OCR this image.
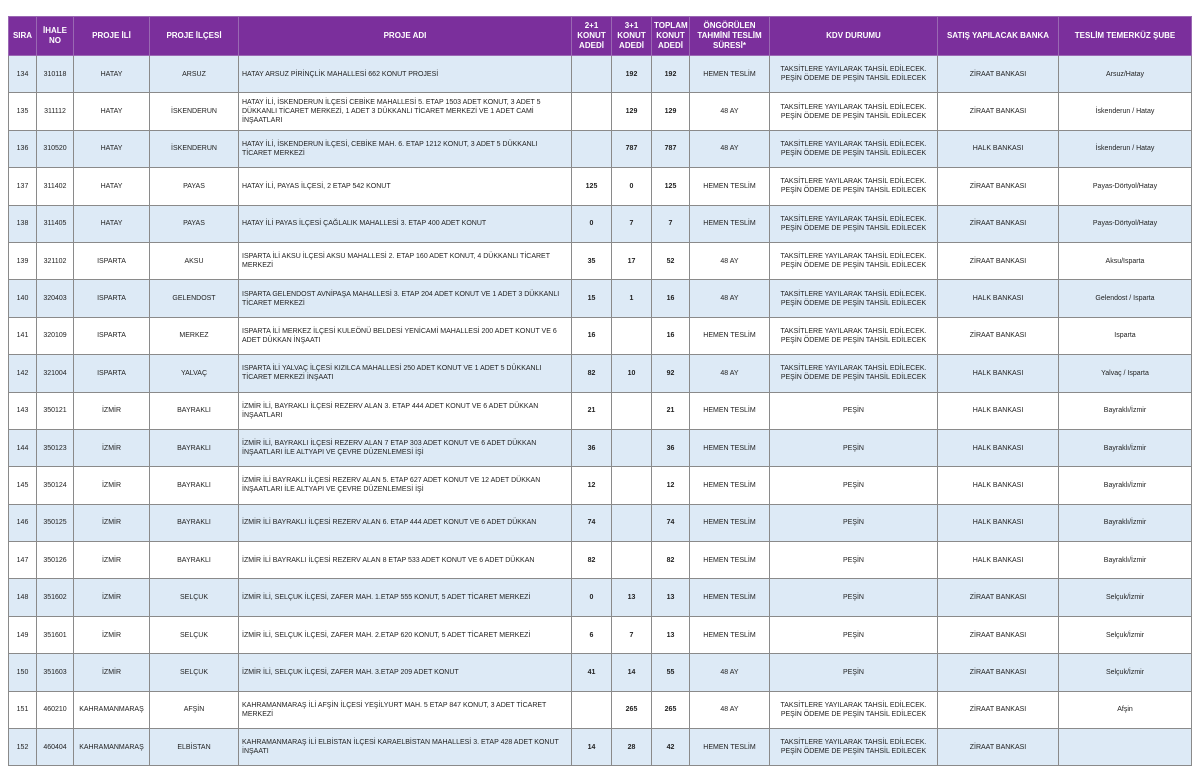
SIRA	İHALE NO	PROJE İLİ	PROJE İLÇESİ	PROJE ADI	2+1 KONUT ADEDİ	3+1 KONUT ADEDİ	TOPLAM KONUT ADEDİ	ÖNGÖRÜLEN TAHMİNİ TESLİM SÜRESİ*	KDV DURUMU	SATIŞ YAPILACAK BANKA	TESLİM TEMERKÜZ ŞUBE
134	310118	HATAY	ARSUZ	HATAY ARSUZ PİRİNÇLİK MAHALLESİ 662 KONUT PROJESİ		192	192	HEMEN TESLİM	TAKSİTLERE YAYILARAK TAHSİL EDİLECEK. PEŞİN ÖDEME DE PEŞİN TAHSİL EDİLECEK	ZİRAAT BANKASI	Arsuz/Hatay
135	311112	HATAY	İSKENDERUN	HATAY İLİ, İSKENDERUN İLÇESİ CEBİKE MAHALLESİ 5. ETAP 1503 ADET KONUT, 3 ADET 5 DÜKKANLI TİCARET MERKEZİ, 1 ADET 3 DÜKKANLI TİCARET MERKEZİ VE 1 ADET CAMİ İNŞAATLARI		129	129	48 AY	TAKSİTLERE YAYILARAK TAHSİL EDİLECEK. PEŞİN ÖDEME DE PEŞİN TAHSİL EDİLECEK	ZİRAAT BANKASI	İskenderun / Hatay
136	310520	HATAY	İSKENDERUN	HATAY İLİ, İSKENDERUN İLÇESİ, CEBİKE MAH. 6. ETAP 1212 KONUT, 3 ADET 5 DÜKKANLI TİCARET MERKEZİ		787	787	48 AY	TAKSİTLERE YAYILARAK TAHSİL EDİLECEK. PEŞİN ÖDEME DE PEŞİN TAHSİL EDİLECEK	HALK BANKASI	İskenderun / Hatay
137	311402	HATAY	PAYAS	HATAY İLİ, PAYAS İLÇESİ, 2 ETAP 542 KONUT	125	0	125	HEMEN TESLİM	TAKSİTLERE YAYILARAK TAHSİL EDİLECEK. PEŞİN ÖDEME DE PEŞİN TAHSİL EDİLECEK	ZİRAAT BANKASI	Payas-Dörtyol/Hatay
138	311405	HATAY	PAYAS	HATAY İLİ PAYAS İLÇESİ ÇAĞLALIK MAHALLESİ 3. ETAP 400 ADET KONUT	0	7	7	HEMEN TESLİM	TAKSİTLERE YAYILARAK TAHSİL EDİLECEK. PEŞİN ÖDEME DE PEŞİN TAHSİL EDİLECEK	ZİRAAT BANKASI	Payas-Dörtyol/Hatay
139	321102	ISPARTA	AKSU	ISPARTA İLİ AKSU İLÇESİ AKSU MAHALLESİ 2. ETAP 160 ADET KONUT, 4 DÜKKANLI TİCARET MERKEZİ	35	17	52	48 AY	TAKSİTLERE YAYILARAK TAHSİL EDİLECEK. PEŞİN ÖDEME DE PEŞİN TAHSİL EDİLECEK	ZİRAAT BANKASI	Aksu/Isparta
140	320403	ISPARTA	GELENDOST	ISPARTA GELENDOST AVNİPAŞA MAHALLESİ 3. ETAP 204 ADET KONUT VE 1 ADET 3 DÜKKANLI TİCARET MERKEZİ	15	1	16	48 AY	TAKSİTLERE YAYILARAK TAHSİL EDİLECEK. PEŞİN ÖDEME DE PEŞİN TAHSİL EDİLECEK	HALK BANKASI	Gelendost / Isparta
141	320109	ISPARTA	MERKEZ	ISPARTA İLİ MERKEZ İLÇESİ KULEÖNÜ BELDESİ YENİCAMİ MAHALLESİ 200 ADET KONUT VE 6 ADET DÜKKAN İNŞAATI	16		16	HEMEN TESLİM	TAKSİTLERE YAYILARAK TAHSİL EDİLECEK. PEŞİN ÖDEME DE PEŞİN TAHSİL EDİLECEK	ZİRAAT BANKASI	Isparta
142	321004	ISPARTA	YALVAÇ	ISPARTA İLİ YALVAÇ İLÇESİ KIZILCA MAHALLESİ 250 ADET KONUT VE 1 ADET 5 DÜKKANLI TİCARET MERKEZİ İNŞAATI	82	10	92	48 AY	TAKSİTLERE YAYILARAK TAHSİL EDİLECEK. PEŞİN ÖDEME DE PEŞİN TAHSİL EDİLECEK	HALK BANKASI	Yalvaç / Isparta
143	350121	İZMİR	BAYRAKLI	İZMİR İLİ, BAYRAKLI İLÇESİ REZERV ALAN 3. ETAP 444 ADET KONUT VE 6 ADET DÜKKAN İNŞAATLARI	21		21	HEMEN TESLİM	PEŞİN	HALK BANKASI	Bayraklı/İzmir
144	350123	İZMİR	BAYRAKLI	İZMİR İLİ, BAYRAKLI İLÇESİ REZERV ALAN 7 ETAP 303 ADET KONUT VE 6 ADET DÜKKAN İNŞAATLARI İLE ALTYAPI VE ÇEVRE DÜZENLEMESİ İŞİ	36		36	HEMEN TESLİM	PEŞİN	HALK BANKASI	Bayraklı/İzmir
145	350124	İZMİR	BAYRAKLI	İZMİR İLİ BAYRAKLI İLÇESİ REZERV ALAN 5. ETAP 627 ADET KONUT VE 12 ADET DÜKKAN İNŞAATLARI İLE ALTYAPI VE ÇEVRE DÜZENLEMESİ İŞİ	12		12	HEMEN TESLİM	PEŞİN	HALK BANKASI	Bayraklı/İzmir
146	350125	İZMİR	BAYRAKLI	İZMİR İLİ BAYRAKLI İLÇESİ REZERV ALAN 6. ETAP 444 ADET KONUT VE 6 ADET DÜKKAN	74		74	HEMEN TESLİM	PEŞİN	HALK BANKASI	Bayraklı/İzmir
147	350126	İZMİR	BAYRAKLI	İZMİR İLİ BAYRAKLI İLÇESİ REZERV ALAN 8 ETAP 533 ADET KONUT VE 6 ADET DÜKKAN	82		82	HEMEN TESLİM	PEŞİN	HALK BANKASI	Bayraklı/İzmir
148	351602	İZMİR	SELÇUK	İZMİR İLİ, SELÇUK İLÇESİ, ZAFER MAH. 1.ETAP 555 KONUT, 5 ADET TİCARET MERKEZİ	0	13	13	HEMEN TESLİM	PEŞİN	ZİRAAT BANKASI	Selçuk/İzmir
149	351601	İZMİR	SELÇUK	İZMİR İLİ, SELÇUK İLÇESİ, ZAFER MAH. 2.ETAP 620 KONUT, 5 ADET TİCARET MERKEZİ	6	7	13	HEMEN TESLİM	PEŞİN	ZİRAAT BANKASI	Selçuk/İzmir
150	351603	İZMİR	SELÇUK	İZMİR İLİ, SELÇUK İLÇESİ, ZAFER MAH. 3.ETAP 209 ADET KONUT	41	14	55	48 AY	PEŞİN	ZİRAAT BANKASI	Selçuk/İzmir
151	460210	KAHRAMANMARAŞ	AFŞİN	KAHRAMANMARAŞ İLİ AFŞİN İLÇESİ YEŞİLYURT MAH. 5 ETAP 847 KONUT, 3 ADET TİCARET MERKEZİ		265	265	48 AY	TAKSİTLERE YAYILARAK TAHSİL EDİLECEK. PEŞİN ÖDEME DE PEŞİN TAHSİL EDİLECEK	ZİRAAT BANKASI	Afşin
152	460404	KAHRAMANMARAŞ	ELBİSTAN	KAHRAMANMARAŞ İLİ ELBİSTAN İLÇESİ KARAELBİSTAN MAHALLESİ 3. ETAP 428 ADET KONUT İNŞAATI	14	28	42	HEMEN TESLİM	TAKSİTLERE YAYILARAK TAHSİL EDİLECEK. PEŞİN ÖDEME DE PEŞİN TAHSİL EDİLECEK	ZİRAAT BANKASI	
